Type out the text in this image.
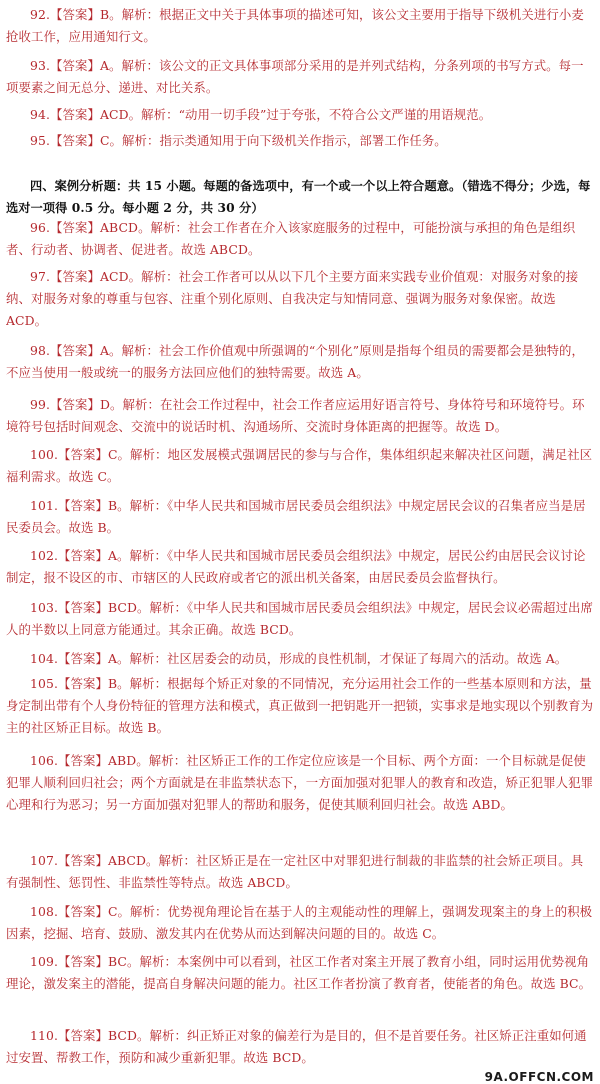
92.【答案】B。解析：根据正文中关于具体事项的描述可知，该公文主要用于指导下级机关进行小麦抢收工作，应用通知行文。
93.【答案】A。解析：该公文的正文具体事项部分采用的是并列式结构，分条列项的书写方式。每一项要素之间无总分、递进、对比关系。
94.【答案】ACD。解析：“动用一切手段”过于夸张，不符合公文严谨的用语规范。
95.【答案】C。解析：指示类通知用于向下级机关作指示，部署工作任务。
四、案例分析题：共 15 小题。每题的备选项中，有一个或一个以上符合题意。（错选不得分；少选，每选对一项得 0.5 分。每小题 2 分，共 30 分）
96.【答案】ABCD。解析：社会工作者在介入该家庭服务的过程中，可能扮演与承担的角色是组织者、行动者、协调者、促进者。故选 ABCD。
97.【答案】ACD。解析：社会工作者可以从以下几个主要方面来实践专业价值观：对服务对象的接纳、对服务对象的尊重与包容、注重个别化原则、自我决定与知情同意、强调为服务对象保密。故选 ACD。
98.【答案】A。解析：社会工作价值观中所强调的“个别化”原则是指每个组员的需要都会是独特的，不应当使用一般或统一的服务方法回应他们的独特需要。故选 A。
99.【答案】D。解析：在社会工作过程中，社会工作者应运用好语言符号、身体符号和环境符号。环境符号包括时间观念、交流中的说话时机、沟通场所、交流时身体距离的把握等。故选 D。
100.【答案】C。解析：地区发展模式强调居民的参与与合作，集体组织起来解决社区问题，满足社区福利需求。故选 C。
101.【答案】B。解析：《中华人民共和国城市居民委员会组织法》中规定居民会议的召集者应当是居民委员会。故选 B。
102.【答案】A。解析：《中华人民共和国城市居民委员会组织法》中规定，居民公约由居民会议讨论制定，报不设区的市、市辖区的人民政府或者它的派出机关备案，由居民委员会监督执行。
103.【答案】BCD。解析：《中华人民共和国城市居民委员会组织法》中规定，居民会议必需超过出席人的半数以上同意方能通过。其余正确。故选 BCD。
104.【答案】A。解析：社区居委会的动员，形成的良性机制，才保证了每周六的活动。故选 A。
105.【答案】B。解析：根据每个矫正对象的不同情况，充分运用社会工作的一些基本原则和方法，量身定制出带有个人身份特征的管理方法和模式，真正做到一把钥匙开一把锁，实事求是地实现以个别教育为主的社区矫正目标。故选 B。
106.【答案】ABD。解析：社区矫正工作的工作定位应该是一个目标、两个方面：一个目标就是促使犯罪人顺利回归社会；两个方面就是在非监禁状态下，一方面加强对犯罪人的教育和改造，矫正犯罪人犯罪心理和行为恶习；另一方面加强对犯罪人的帮助和服务，促使其顺利回归社会。故选 ABD。
107.【答案】ABCD。解析：社区矫正是在一定社区中对罪犯进行制裁的非监禁的社会矫正项目。具有强制性、惩罚性、非监禁性等特点。故选 ABCD。
108.【答案】C。解析：优势视角理论旨在基于人的主观能动性的理解上，强调发现案主的身上的积极因素，挖掘、培育、鼓励、激发其内在优势从而达到解决问题的目的。故选 C。
109.【答案】BC。解析：本案例中可以看到，社区工作者对案主开展了教育小组，同时运用优势视角理论，激发案主的潜能，提高自身解决问题的能力。社区工作者扮演了教育者，使能者的角色。故选 BC。
110.【答案】BCD。解析：纠正矫正对象的偏差行为是目的，但不是首要任务。社区矫正注重如何通过安置、帮教工作，预防和减少重新犯罪。故选 BCD。
9A.OFFCN.COM
